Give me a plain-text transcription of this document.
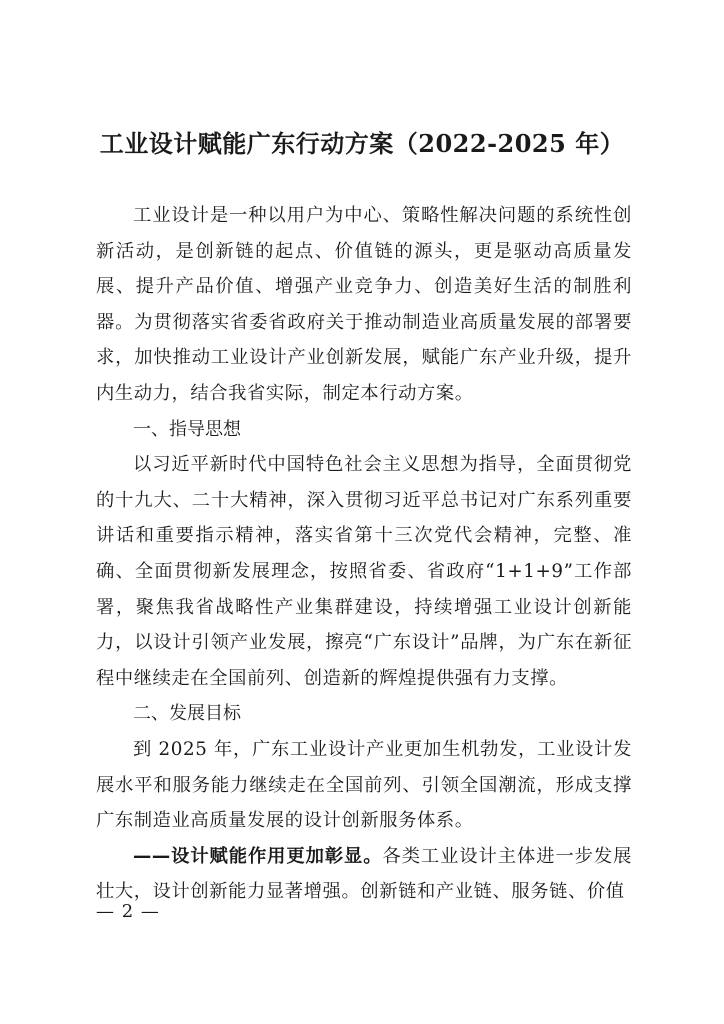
工业设计赋能广东行动方案（2022-2025 年）

工业设计是一种以用户为中心、策略性解决问题的系统性创新活动，是创新链的起点、价值链的源头，更是驱动高质量发展、提升产品价值、增强产业竞争力、创造美好生活的制胜利器。为贯彻落实省委省政府关于推动制造业高质量发展的部署要求，加快推动工业设计产业创新发展，赋能广东产业升级，提升内生动力，结合我省实际，制定本行动方案。

一、指导思想

以习近平新时代中国特色社会主义思想为指导，全面贯彻党的十九大、二十大精神，深入贯彻习近平总书记对广东系列重要讲话和重要指示精神，落实省第十三次党代会精神，完整、准确、全面贯彻新发展理念，按照省委、省政府“1+1+9”工作部署，聚焦我省战略性产业集群建设，持续增强工业设计创新能力，以设计引领产业发展，擦亮“广东设计”品牌，为广东在新征程中继续走在全国前列、创造新的辉煌提供强有力支撑。

二、发展目标

到 2025 年，广东工业设计产业更加生机勃发，工业设计发展水平和服务能力继续走在全国前列、引领全国潮流，形成支撑广东制造业高质量发展的设计创新服务体系。

——设计赋能作用更加彰显。各类工业设计主体进一步发展壮大，设计创新能力显著增强。创新链和产业链、服务链、价值

— 2 —
